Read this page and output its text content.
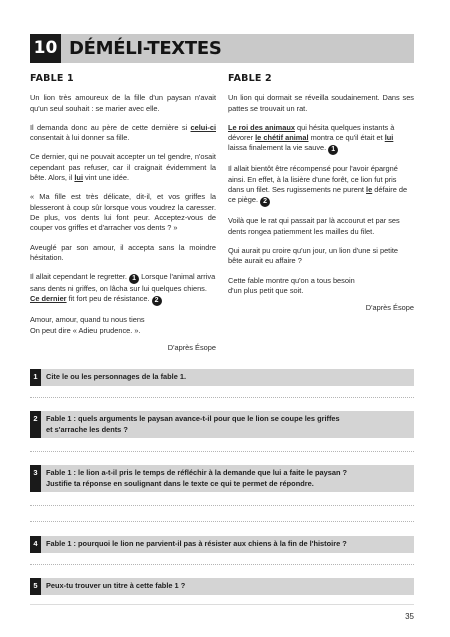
10 DÉMÉLI-TEXTES
FABLE 1

Un lion très amoureux de la fille d'un paysan n'avait qu'un seul souhait : se marier avec elle.

Il demanda donc au père de cette dernière si celui-ci consentait à lui donner sa fille.

Ce dernier, qui ne pouvait accepter un tel gendre, n'osait cependant pas refuser, car il craignait évidemment la bête. Alors, il lui vint une idée.

« Ma fille est très délicate, dit-il, et vos griffes la blesseront à coup sûr lorsque vous voudrez la caresser. De plus, vos dents lui font peur. Acceptez-vous de couper vos griffes et d'arracher vos dents ? »

Aveuglé par son amour, il accepta sans la moindre hésitation.

Il allait cependant le regretter. 1 Lorsque l'animal arriva sans dents ni griffes, on lâcha sur lui quelques chiens. Ce dernier fit fort peu de résistance. 2

Amour, amour, quand tu nous tiens
On peut dire « Adieu prudence. ».

D'après Ésope

FABLE 2

Un lion qui dormait se réveilla soudainement. Dans ses pattes se trouvait un rat.

Le roi des animaux qui hésita quelques instants à dévorer le chétif animal montra ce qu'il était et lui laissa finalement la vie sauve. 1

Il allait bientôt être récompensé pour l'avoir épargné ainsi. En effet, à la lisière d'une forêt, ce lion fut pris dans un filet. Ses rugissements ne purent le défaire de ce piège. 2

Voilà que le rat qui passait par là accourut et par ses dents rongea patiemment les mailles du filet.

Qui aurait pu croire qu'un jour, un lion d'une si petite bête aurait eu affaire ?

Cette fable montre qu'on a tous besoin
d'un plus petit que soit.

D'après Ésope

1	Cite le ou les personnages de la fable 1.
2	Fable 1 : quels arguments le paysan avance-t-il pour que le lion se coupe les griffes
et s'arrache les dents ?
3	Fable 1 : le lion a-t-il pris le temps de réfléchir à la demande que lui a faite le paysan ?
Justifie ta réponse en soulignant dans le texte ce qui te permet de répondre.
4	Fable 1 : pourquoi le lion ne parvient-il pas à résister aux chiens à la fin de l'histoire ?
5	Peux-tu trouver un titre à cette fable 1 ?
35
